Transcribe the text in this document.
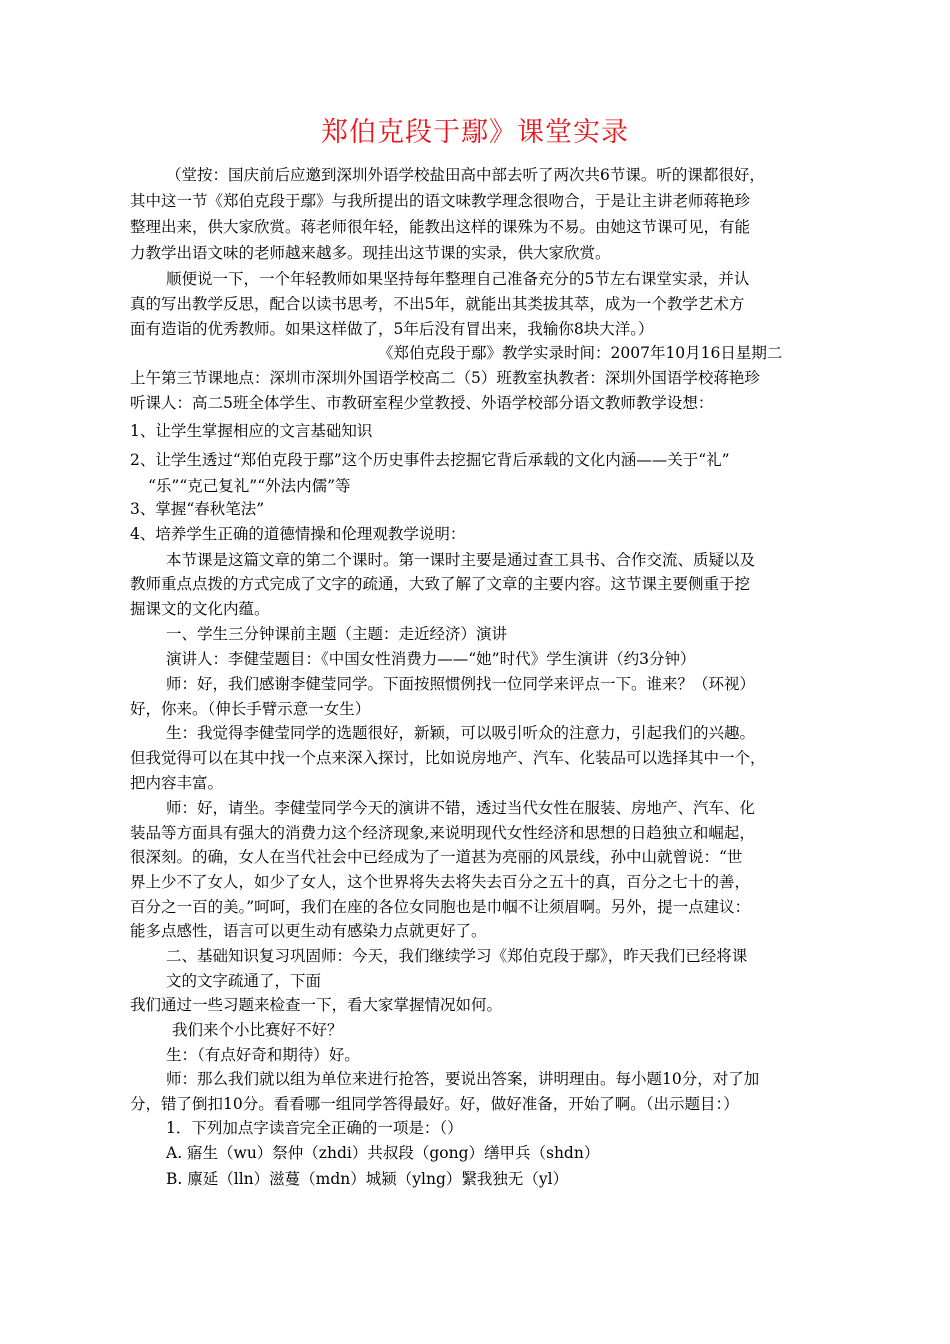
郑伯克段于鄢》课堂实录
（堂按：国庆前后应邀到深圳外语学校盐田高中部去听了两次共6节课。听的课都很好，
其中这一节《郑伯克段于鄢》与我所提出的语文味教学理念很吻合，于是让主讲老师蒋艳珍
整理出来，供大家欣赏。蒋老师很年轻，能教出这样的课殊为不易。由她这节课可见，有能
力教学出语文味的老师越来越多。现挂出这节课的实录，供大家欣赏。
顺便说一下，一个年轻教师如果坚持每年整理自己准备充分的5节左右课堂实录，并认
真的写出教学反思，配合以读书思考，不出5年，就能出其类拔其萃，成为一个教学艺术方
面有造诣的优秀教师。如果这样做了，5年后没有冒出来，我输你8块大洋。）
《郑伯克段于鄢》教学实录时间：2007年10月16日星期二
上午第三节课地点：深圳市深圳外国语学校高二（5）班教室执教者：深圳外国语学校蒋艳珍
听课人：高二5班全体学生、市教研室程少堂教授、外语学校部分语文教师教学设想：
1、让学生掌握相应的文言基础知识
2、让学生透过“郑伯克段于鄢”这个历史事件去挖掘它背后承载的文化内涵——关于“礼”
“乐”“克己复礼”“外法内儒”等
3、掌握“春秋笔法”
4、培养学生正确的道德情操和伦理观教学说明：
本节课是这篇文章的第二个课时。第一课时主要是通过查工具书、合作交流、质疑以及
教师重点点拨的方式完成了文字的疏通，大致了解了文章的主要内容。这节课主要侧重于挖
掘课文的文化内蕴。
一、学生三分钟课前主题（主题：走近经济）演讲
演讲人：李健莹题目：《中国女性消费力——“她”时代》学生演讲（约3分钟）
师：好，我们感谢李健莹同学。下面按照惯例找一位同学来评点一下。谁来？（环视）
好，你来。（伸长手臂示意一女生）
生：我觉得李健莹同学的选题很好，新颖，可以吸引听众的注意力，引起我们的兴趣。
但我觉得可以在其中找一个点来深入探讨，比如说房地产、汽车、化装品可以选择其中一个，
把内容丰富。
师：好，请坐。李健莹同学今天的演讲不错，透过当代女性在服装、房地产、汽车、化
装品等方面具有强大的消费力这个经济现象,来说明现代女性经济和思想的日趋独立和崛起，
很深刻。的确，女人在当代社会中已经成为了一道甚为亮丽的风景线，孙中山就曾说：“世
界上少不了女人，如少了女人，这个世界将失去将失去百分之五十的真，百分之七十的善，
百分之一百的美。”呵呵，我们在座的各位女同胞也是巾帼不让须眉啊。另外，提一点建议：
能多点感性，语言可以更生动有感染力点就更好了。
二、基础知识复习巩固师：今天，我们继续学习《郑伯克段于鄢》，昨天我们已经将课
文的文字疏通了，下面
我们通过一些习题来检查一下，看大家掌握情况如何。
我们来个小比赛好不好？
生：（有点好奇和期待）好。
师：那么我们就以组为单位来进行抢答，要说出答案，讲明理由。每小题10分，对了加
分，错了倒扣10分。看看哪一组同学答得最好。好，做好准备，开始了啊。（出示题目：）
1．下列加点字读音完全正确的一项是：（）
A. 寤生（wu）祭仲（zhdi）共叔段（gong）缮甲兵（shdn）
B. 廪延（lln）滋蔓（mdn）城颍（ylng）繄我独无（yl）
